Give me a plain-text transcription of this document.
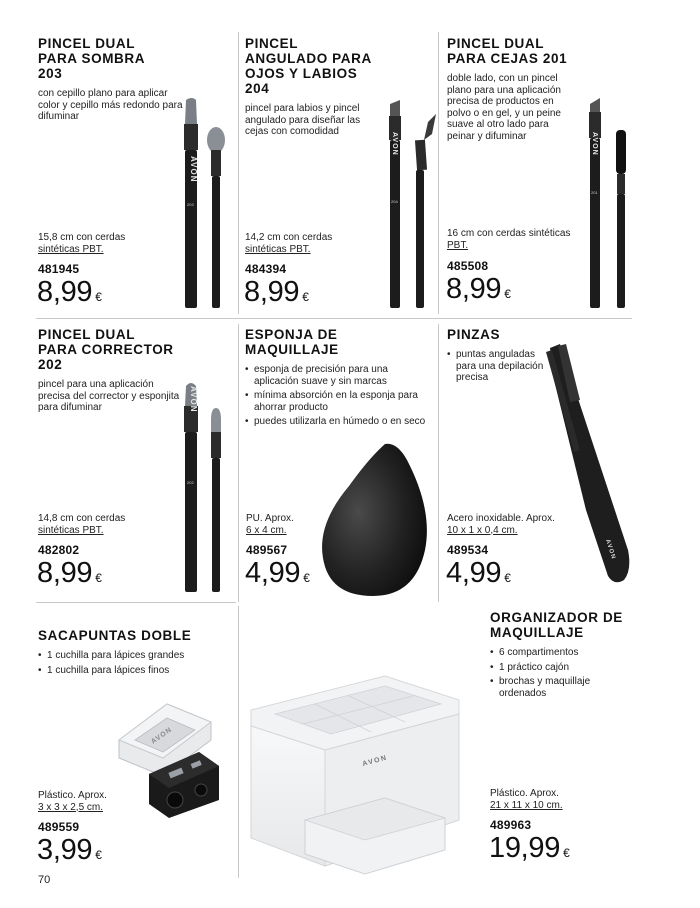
PINCEL DUAL
PARA SOMBRA
203
con cepillo plano para aplicar color y cepillo más redondo para difuminar
15,8 cm con cerdas
sintéticas PBT.
481945
8,99 €
AVON
203
PINCEL
ANGULADO PARA
OJOS Y LABIOS
204
pincel para labios y pincel angulado para diseñar las cejas con comodidad
14,2 cm con cerdas
sintéticas PBT.
484394
8,99 €
AVON
204
PINCEL DUAL
PARA CEJAS 201
doble lado, con un pincel plano para una aplicación precisa de productos en polvo o en gel, y un peine suave al otro lado para peinar y difuminar
16 cm con cerdas sintéticas
PBT.
485508
8,99 €
AVON
201
PINCEL DUAL
PARA CORRECTOR
202
pincel para una aplicación precisa del corrector y esponjita para difuminar
14,8 cm con cerdas
sintéticas PBT.
482802
8,99 €
AVON
202
ESPONJA DE MAQUILLAJE
• esponja de precisión para una aplicación suave y sin marcas
• mínima absorción en la esponja para ahorrar producto
• puedes utilizarla en húmedo o en seco
PU. Aprox.
6 x 4 cm.
489567
4,99 €
PINZAS
• puntas anguladas para una depilación precisa
Acero inoxidable. Aprox.
10 x 1 x 0,4 cm.
489534
4,99 €
AVON
SACAPUNTAS DOBLE
• 1 cuchilla para lápices grandes
• 1 cuchilla para lápices finos
AVON
Plástico. Aprox.
3 x 3 x 2,5 cm.
489559
3,99 €
ORGANIZADOR DE
MAQUILLAJE
• 6 compartimentos
• 1 práctico cajón
• brochas y maquillaje ordenados
AVON
Plástico. Aprox.
21 x 11 x 10 cm.
489963
19,99 €
70
